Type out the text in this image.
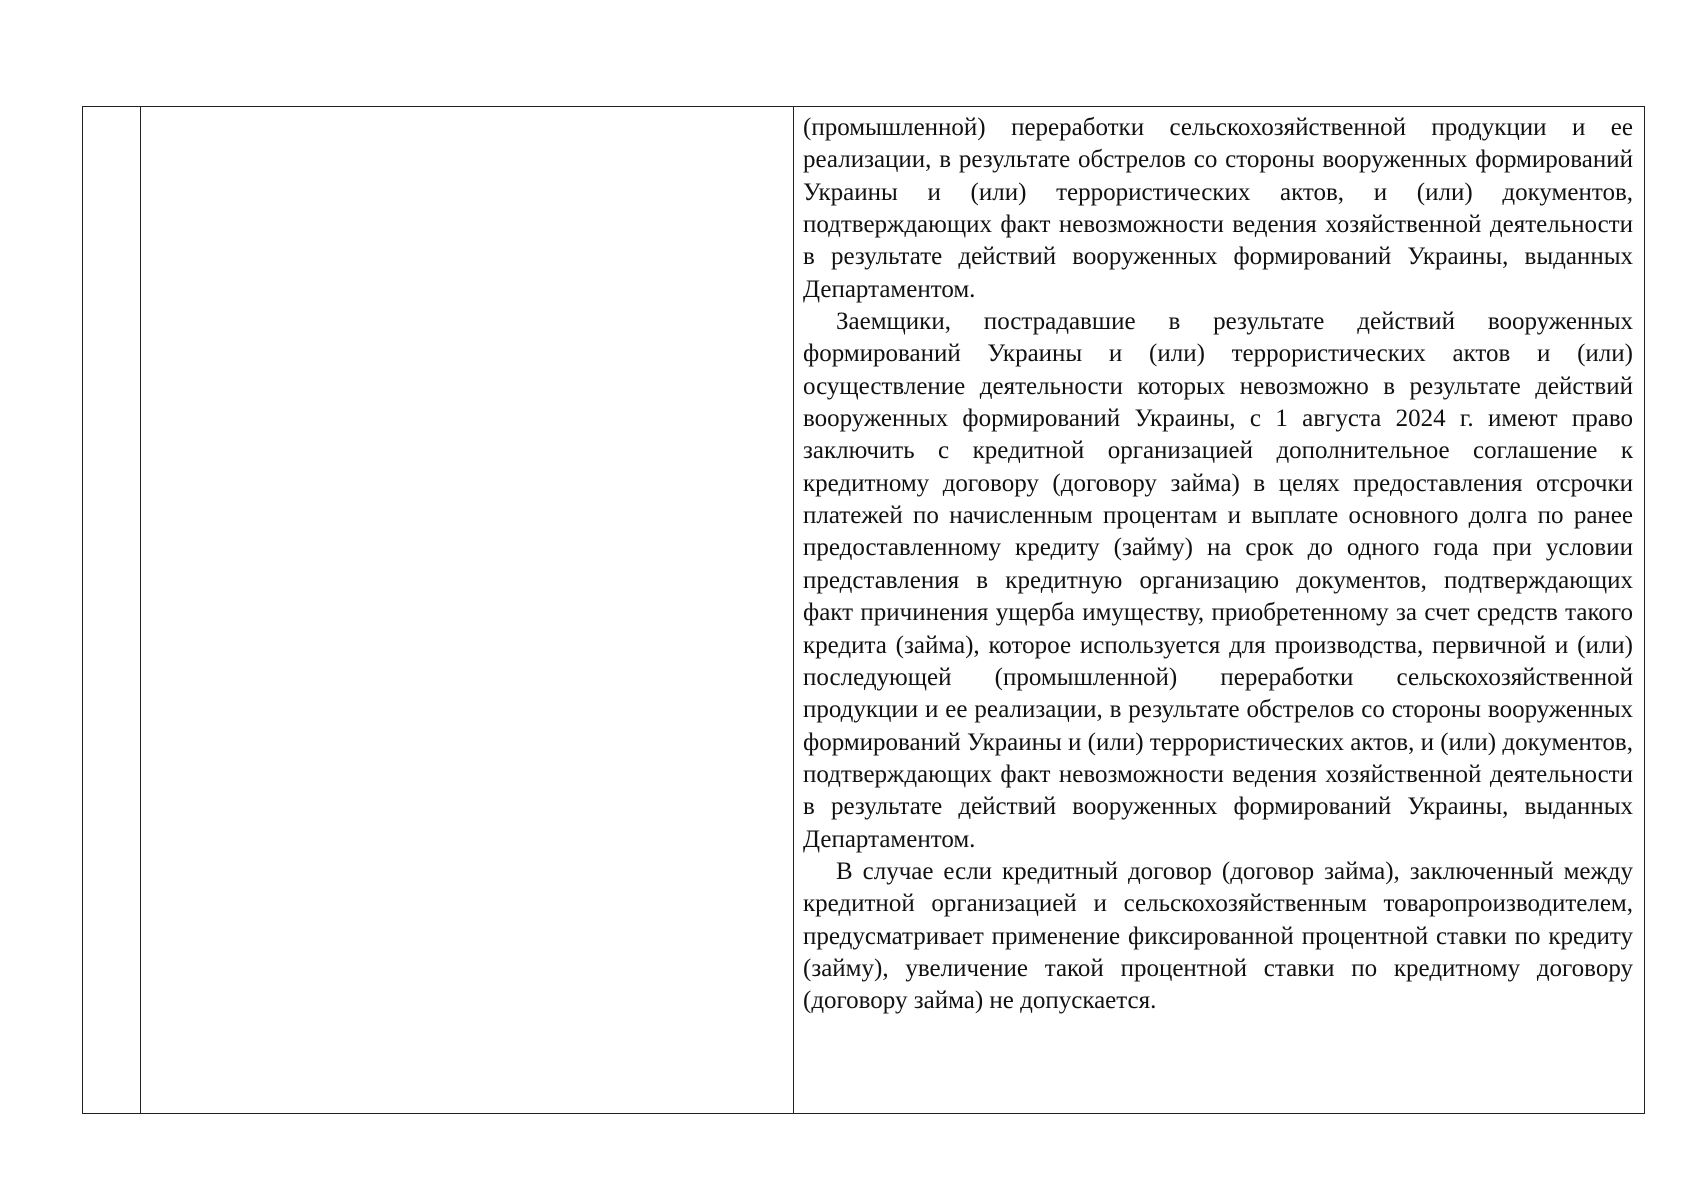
(промышленной) переработки сельскохозяйственной продукции и ее реализации, в результате обстрелов со стороны вооруженных формирований Украины и (или) террористических актов, и (или) документов, подтверждающих факт невозможности ведения хозяйственной деятельности в результате действий вооруженных формирований Украины, выданных Департаментом.

Заемщики, пострадавшие в результате действий вооруженных формирований Украины и (или) террористических актов и (или) осуществление деятельности которых невозможно в результате действий вооруженных формирований Украины, с 1 августа 2024 г. имеют право заключить с кредитной организацией дополнительное соглашение к кредитному договору (договору займа) в целях предоставления отсрочки платежей по начисленным процентам и выплате основного долга по ранее предоставленному кредиту (займу) на срок до одного года при условии представления в кредитную организацию документов, подтверждающих факт причинения ущерба имуществу, приобретенному за счет средств такого кредита (займа), которое используется для производства, первичной и (или) последующей (промышленной) переработки сельскохозяйственной продукции и ее реализации, в результате обстрелов со стороны вооруженных формирований Украины и (или) террористических актов, и (или) документов, подтверждающих факт невозможности ведения хозяйственной деятельности в результате действий вооруженных формирований Украины, выданных Департаментом.

В случае если кредитный договор (договор займа), заключенный между кредитной организацией и сельскохозяйственным товаропроизводителем, предусматривает применение фиксированной процентной ставки по кредиту (займу), увеличение такой процентной ставки по кредитному договору (договору займа) не допускается.
